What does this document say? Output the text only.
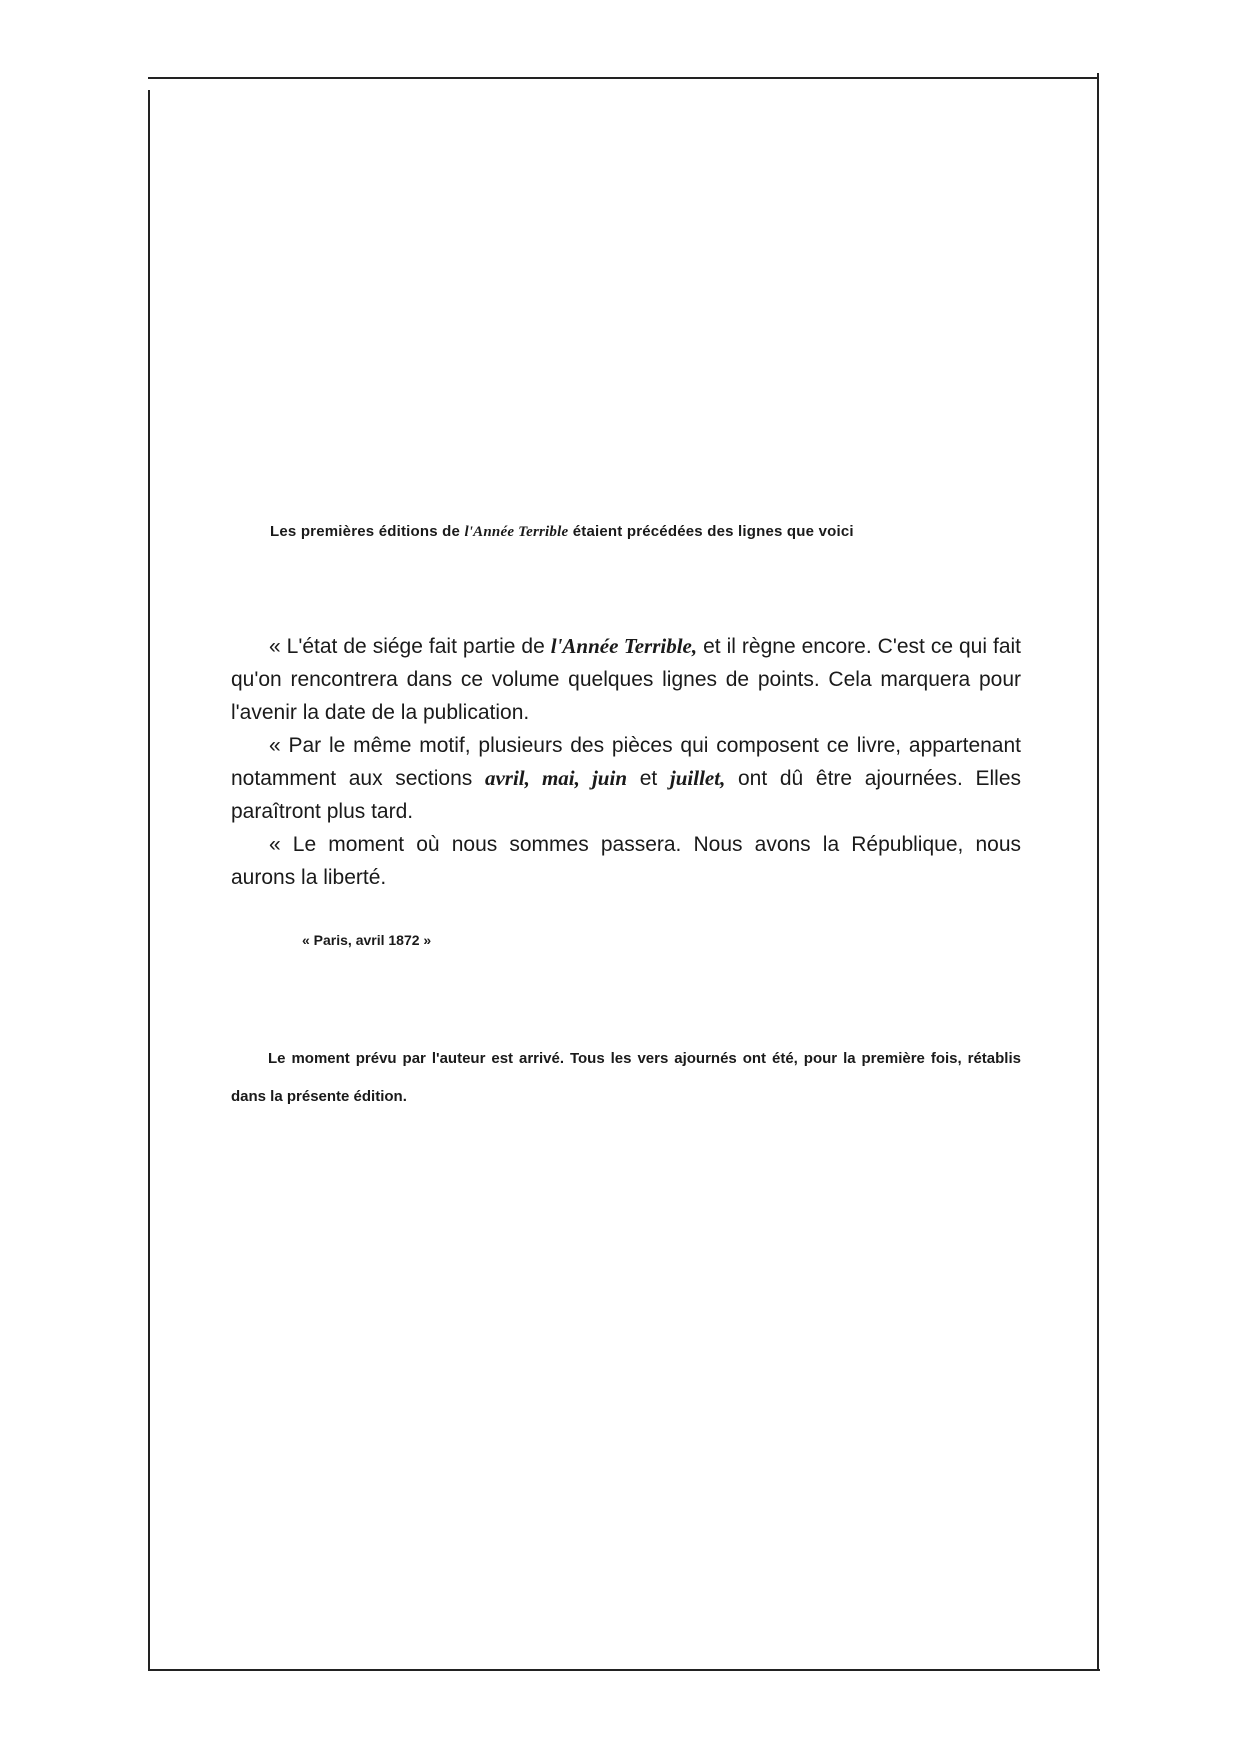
Les premières éditions de l'Année Terrible étaient précédées des lignes que voici

« L'état de siége fait partie de l'Année Terrible, et il règne encore. C'est ce qui fait qu'on rencontrera dans ce volume quelques lignes de points. Cela marquera pour l'avenir la date de la publication.

« Par le même motif, plusieurs des pièces qui composent ce livre, appartenant notamment aux sections avril, mai, juin et juillet, ont dû être ajournées. Elles paraîtront plus tard.

« Le moment où nous sommes passera. Nous avons la République, nous aurons la liberté.

« Paris, avril 1872 »

Le moment prévu par l'auteur est arrivé. Tous les vers ajournés ont été, pour la première fois, rétablis dans la présente édition.
